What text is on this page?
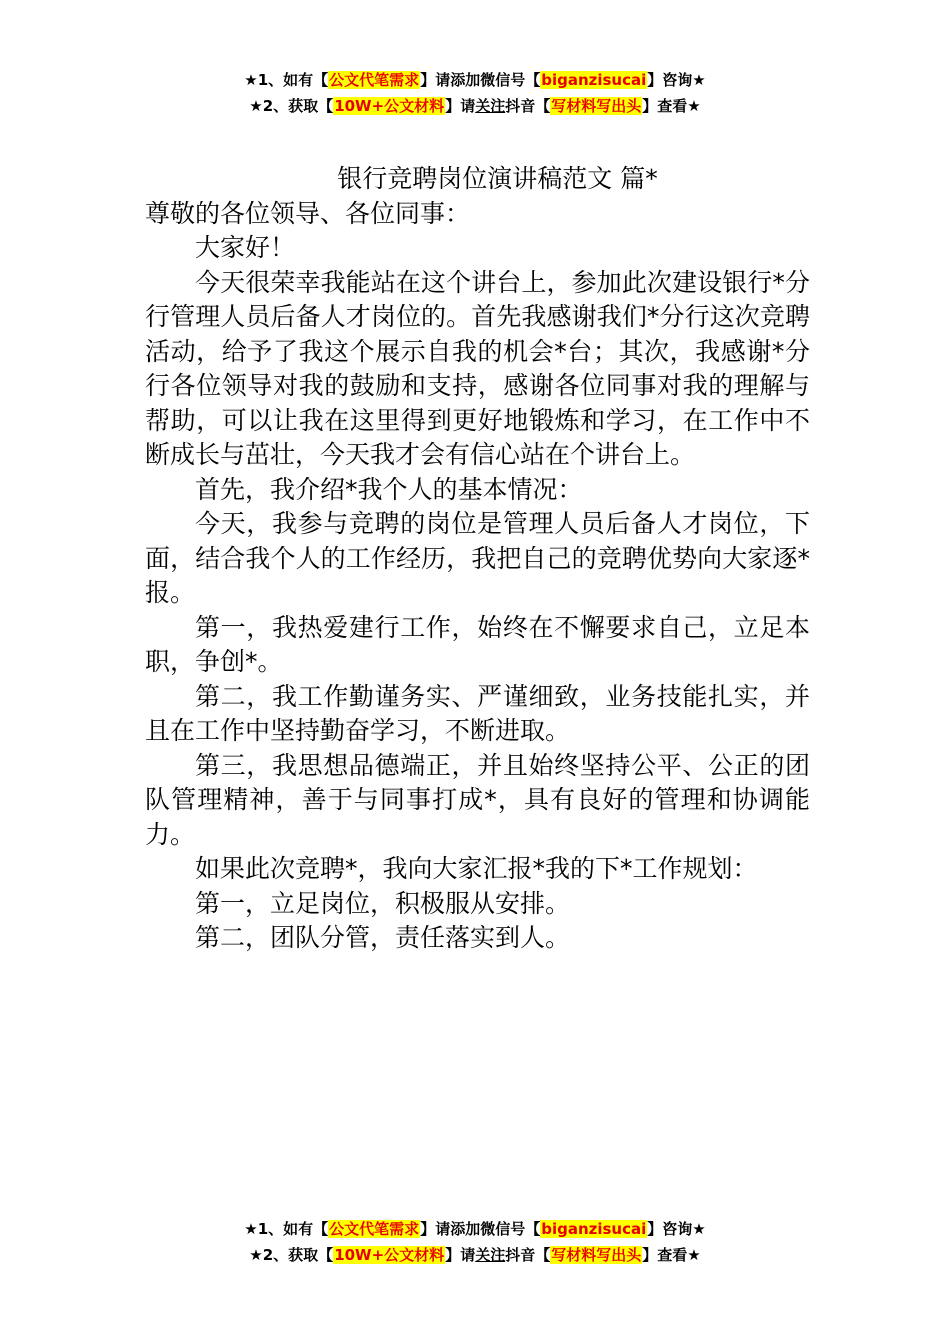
★1、如有【公文代笔需求】请添加微信号【biganzisucai】咨询★
★2、获取【10W+公文材料】请关注抖音【写材料写出头】查看★
银行竞聘岗位演讲稿范文 篇*

尊敬的各位领导、各位同事：

大家好！

今天很荣幸我能站在这个讲台上，参加此次建设银行*分行管理人员后备人才岗位的。首先我感谢我们*分行这次竞聘活动，给予了我这个展示自我的机会*台；其次，我感谢*分行各位领导对我的鼓励和支持，感谢各位同事对我的理解与帮助，可以让我在这里得到更好地锻炼和学习，在工作中不断成长与茁壮，今天我才会有信心站在个讲台上。

首先，我介绍*我个人的基本情况：

今天，我参与竞聘的岗位是管理人员后备人才岗位，下面，结合我个人的工作经历，我把自己的竞聘优势向大家逐*报。

第一，我热爱建行工作，始终在不懈要求自己，立足本职，争创*。

第二，我工作勤谨务实、严谨细致，业务技能扎实，并且在工作中坚持勤奋学习，不断进取。

第三，我思想品德端正，并且始终坚持公平、公正的团队管理精神，善于与同事打成*，具有良好的管理和协调能力。

如果此次竞聘*，我向大家汇报*我的下*工作规划：

第一，立足岗位，积极服从安排。

第二，团队分管，责任落实到人。

★1、如有【公文代笔需求】请添加微信号【biganzisucai】咨询★
★2、获取【10W+公文材料】请关注抖音【写材料写出头】查看★
